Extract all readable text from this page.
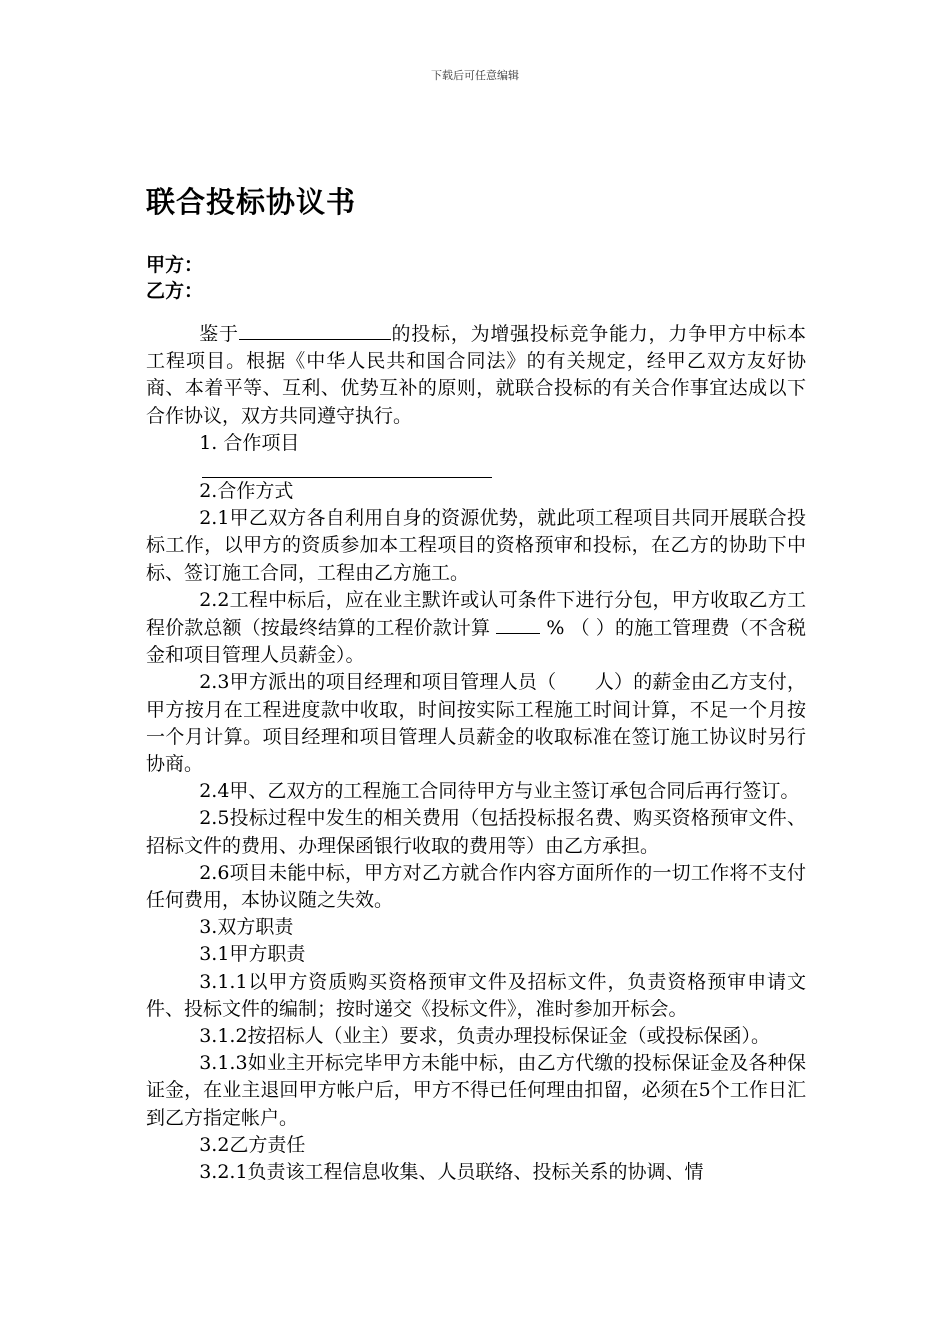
下载后可任意编辑
联合投标协议书
甲方：
乙方：

鉴于	的投标，为增强投标竞争能力，力争甲方中标本工程项目。根据《中华人民共和国合同法》的有关规定，经甲乙双方友好协商、本着平等、互利、优势互补的原则，就联合投标的有关合作事宜达成以下合作协议，双方共同遵守执行。

1. 合作项目

2.合作方式

2.1甲乙双方各自利用自身的资源优势，就此项工程项目共同开展联合投标工作，以甲方的资质参加本工程项目的资格预审和投标，在乙方的协助下中标、签订施工合同，工程由乙方施工。

2.2工程中标后，应在业主默许或认可条件下进行分包，甲方收取乙方工程价款总额（按最终结算的工程价款计算  % （ ）的施工管理费（不含税金和项目管理人员薪金）。

2.3甲方派出的项目经理和项目管理人员（　　人）的薪金由乙方支付，甲方按月在工程进度款中收取，时间按实际工程施工时间计算，不足一个月按一个月计算。项目经理和项目管理人员薪金的收取标准在签订施工协议时另行协商。

2.4甲、乙双方的工程施工合同待甲方与业主签订承包合同后再行签订。

2.5投标过程中发生的相关费用（包括投标报名费、购买资格预审文件、招标文件的费用、办理保函银行收取的费用等）由乙方承担。

2.6项目未能中标，甲方对乙方就合作内容方面所作的一切工作将不支付任何费用，本协议随之失效。

3.双方职责

3.1甲方职责

3.1.1以甲方资质购买资格预审文件及招标文件，负责资格预审申请文件、投标文件的编制；按时递交《投标文件》，准时参加开标会。

3.1.2按招标人（业主）要求，负责办理投标保证金（或投标保函）。

3.1.3如业主开标完毕甲方未能中标，由乙方代缴的投标保证金及各种保证金，在业主退回甲方帐户后，甲方不得已任何理由扣留，必须在5个工作日汇到乙方指定帐户。

3.2乙方责任

3.2.1负责该工程信息收集、人员联络、投标关系的协调、情
